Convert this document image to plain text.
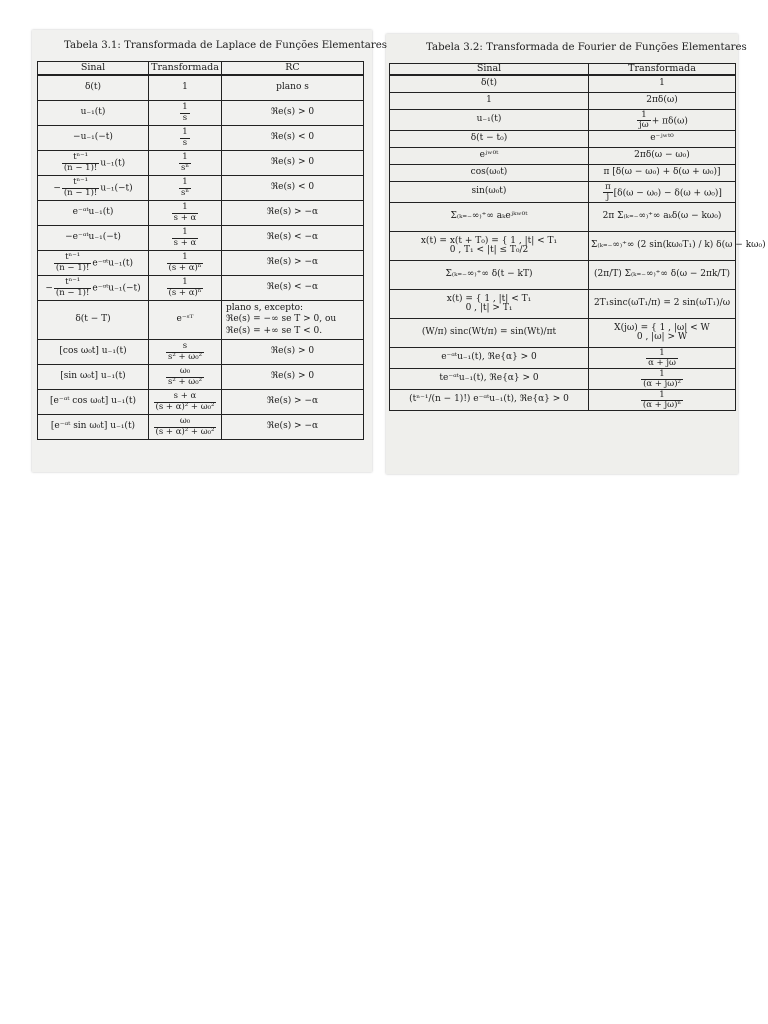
Tabela 3.1: Transformada de Laplace de Funções Elementares	Tabela 3.2: Transformada de Fourier de Funções Elementares
Sinal	Transformada	RC
δ(t)	1	plano s
u₋₁(t)	$\frac{1}{s}$	ℜe(s) > 0
−u₋₁(−t)	$\frac{1}{s}$	ℜe(s) < 0

$\frac{\text{tⁿ⁻¹}}{(n - 1)!} u_{-1}(t)$	$\frac{1}{\text{sⁿ}}$	ℜe(s) > 0
− $\frac{\text{tⁿ⁻¹}}{(n - 1)!} u_{-1}(-t)$	$\frac{1}{\text{sⁿ}}$	ℜe(s) < 0
e⁻ᵅᵗu₋₁(t)	$\frac{1}{s + \alpha}$	ℜe(s) > −α
−e⁻ᵅᵗu₋₁(−t)	$\frac{1}{s + \alpha}$	ℜe(s) < −α

$\frac{\text{tⁿ⁻¹}}{(n - 1)!}$ e⁻ᵅᵗu₋₁(t)	$\frac{1}{\text{(s + α)ⁿ}}$	ℜe(s) > −α
− $\frac{\text{tⁿ⁻¹}}{(n - 1)!}$ e⁻ᵅᵗu₋₁(−t)	$\frac{1}{\text{(s + α)ⁿ}}$	ℜe(s) < −α
δ(t − T)	e⁻ˢᵀ	plano s, excepto:
ℜe(s) = −∞ se T > 0, ou
ℜe(s) = +∞ se T < 0.

[cos ω₀t] u₋₁(t)	$\frac{s}{\text{s² + ω₀²}}$	ℜe(s) > 0
[sin ω₀t] u₋₁(t)	$\frac{\text{ω₀}}{\text{s² + ω₀²}}$	ℜe(s) > 0
[e⁻ᵅᵗ cos ω₀t] u₋₁(t)	$\frac{s + \alpha}{\text{(s + α)² + ω₀²}}$	ℜe(s) > −α
[e⁻ᵅᵗ sin ω₀t] u₋₁(t)	$\frac{\text{ω₀}}{\text{(s + α)² + ω₀²}}$	ℜe(s) > −α
Sinal	Transformada
δ(t)	1
1	2πδ(ω)
u₋₁(t)	$\frac{1}{j\omega} + \pi\delta(\omega)$
δ(t − t₀)	e⁻ʲʷᵗ⁰
eʲʷ⁰ᵗ	2πδ(ω − ω₀)
cos(ω₀t)	π [δ(ω − ω₀) + δ(ω + ω₀)]
sin(ω₀t)	$\frac{\pi}{j} [\delta(\omega - \omega_0) - \delta(\omega + \omega_0)]$
Σ₍ₖ₌₋∞₎⁺∞ aₖeʲᵏʷ⁰ᵗ	2π Σ₍ₖ₌₋∞₎⁺∞ aₖδ(ω − kω₀)

x(t) = x(t + T₀) = { 1 , |t| < T₁
0 , T₁ < |t| ≤ T₀/2	Σ₍ₖ₌₋∞₎⁺∞ (2 sin(kω₀T₁) / k) δ(ω − kω₀)
Σ₍ₖ₌₋∞₎⁺∞ δ(t − kT)	(2π/T) Σ₍ₖ₌₋∞₎⁺∞ δ(ω − 2πk/T)

x(t) = { 1 , |t| < T₁
0 , |t| > T₁	2T₁sinc(ωT₁/π) = 2 sin(ωT₁)/ω
(W/π) sinc(Wt/π) = sin(Wt)/πt	X(jω) = { 1 , |ω| < W
0 , |ω| > W

e⁻ᵅᵗu₋₁(t), ℜe{α} > 0	$\frac{1}{\alpha + j\omega}$

te⁻ᵅᵗu₋₁(t), ℜe{α} > 0	$\frac{1}{\text{(α + jω)²}}$

(tⁿ⁻¹/(n − 1)!) e⁻ᵅᵗu₋₁(t), ℜe{α} > 0	$\frac{1}{\text{(α + jω)ⁿ}}$
